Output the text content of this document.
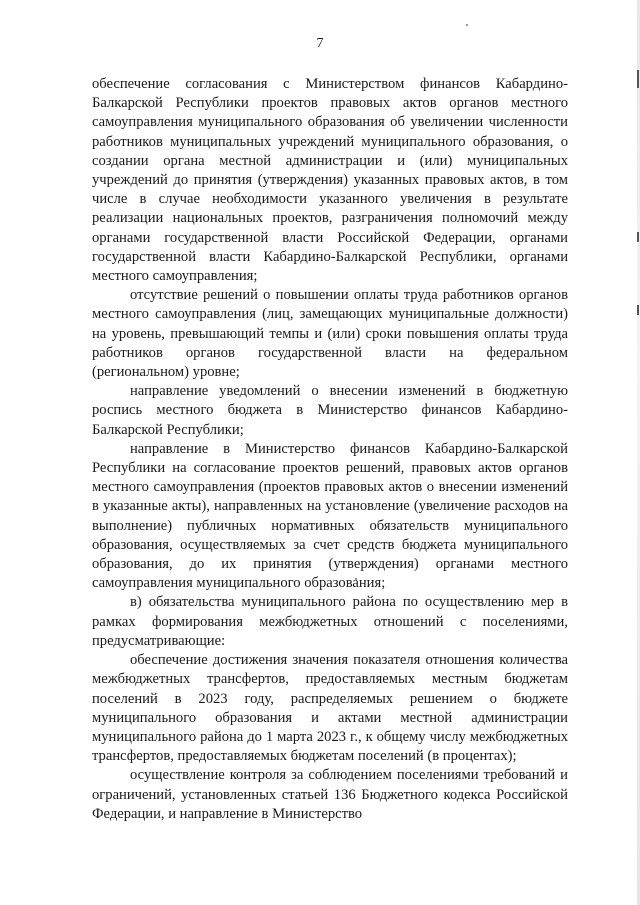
7

обеспечение согласования с Министерством финансов Кабардино-Балкарской Республики проектов правовых актов органов местного самоуправления муниципального образования об увеличении численности работников муниципальных учреждений муниципального образования, о создании органа местной администрации и (или) муниципальных учреждений до принятия (утверждения) указанных правовых актов, в том числе в случае необходимости указанного увеличения в результате реализации национальных проектов, разграничения полномочий между органами государственной власти Российской Федерации, органами государственной власти Кабардино-Балкарской Республики, органами местного самоуправления;

отсутствие решений о повышении оплаты труда работников органов местного самоуправления (лиц, замещающих муниципальные должности) на уровень, превышающий темпы и (или) сроки повышения оплаты труда работников органов государственной власти на федеральном (региональном) уровне;

направление уведомлений о внесении изменений в бюджетную роспись местного бюджета в Министерство финансов Кабардино-Балкарской Республики;

направление в Министерство финансов Кабардино-Балкарской Республики на согласование проектов решений, правовых актов органов местного самоуправления (проектов правовых актов о внесении изменений в указанные акты), направленных на установление (увеличение расходов на выполнение) публичных нормативных обязательств муниципального образования, осуществляемых за счет средств бюджета муниципального образования, до их принятия (утверждения) органами местного самоуправления муниципального образования;

в) обязательства муниципального района по осуществлению мер в рамках формирования межбюджетных отношений с поселениями, предусматривающие:

обеспечение достижения значения показателя отношения количества межбюджетных трансфертов, предоставляемых местным бюджетам поселений в 2023 году, распределяемых решением о бюджете муниципального образования и актами местной администрации муниципального района до 1 марта 2023 г., к общему числу межбюджетных трансфертов, предоставляемых бюджетам поселений (в процентах);

осуществление контроля за соблюдением поселениями требований и ограничений, установленных статьей 136 Бюджетного кодекса Российской Федерации, и направление в Министерство
